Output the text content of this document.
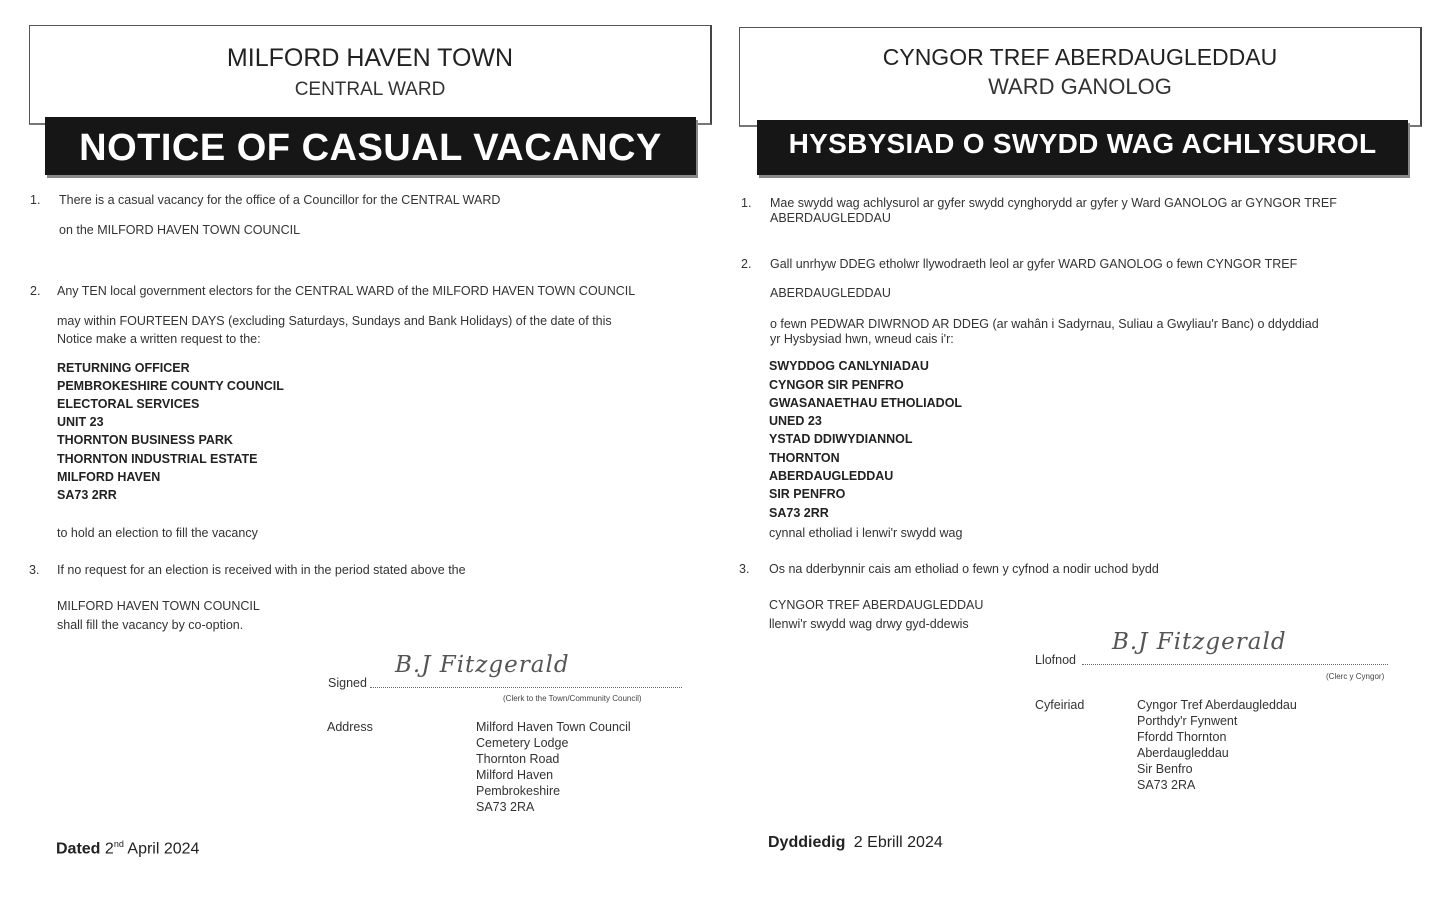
MILFORD HAVEN TOWN
CENTRAL WARD
NOTICE OF CASUAL VACANCY
1. There is a casual vacancy for the office of a Councillor for the CENTRAL WARD
on the MILFORD HAVEN TOWN COUNCIL
2. Any TEN local government electors for the CENTRAL WARD of the MILFORD HAVEN TOWN COUNCIL
may within FOURTEEN DAYS (excluding Saturdays, Sundays and Bank Holidays) of the date of this
Notice make a written request to the:
RETURNING OFFICER
PEMBROKESHIRE COUNTY COUNCIL
ELECTORAL SERVICES
UNIT 23
THORNTON BUSINESS PARK
THORNTON INDUSTRIAL ESTATE
MILFORD HAVEN
SA73 2RR
to hold an election to fill the vacancy
3. If no request for an election is received with in the period stated above the
MILFORD HAVEN TOWN COUNCIL
shall fill the vacancy by co-option.
Signed
B.J Fitzgerald
(Clerk to the Town/Community Council)
Address	Milford Haven Town Council
Cemetery Lodge
Thornton Road
Milford Haven
Pembrokeshire
SA73 2RA
Dated 2nd April 2024
CYNGOR TREF ABERDAUGLEDDAU
WARD GANOLOG
HYSBYSIAD O SWYDD WAG ACHLYSUROL
1. Mae swydd wag achlysurol ar gyfer swydd cynghorydd ar gyfer y Ward GANOLOG ar GYNGOR TREF
ABERDAUGLEDDAU
2. Gall unrhyw DDEG etholwr llywodraeth leol ar gyfer WARD GANOLOG o fewn CYNGOR TREF
ABERDAUGLEDDAU
o fewn PEDWAR DIWRNOD AR DDEG (ar wahân i Sadyrnau, Suliau a Gwyliau'r Banc) o ddyddiad
yr Hysbysiad hwn, wneud cais i'r:
SWYDDOG CANLYNIADAU
CYNGOR SIR PENFRO
GWASANAETHAU ETHOLIADOL
UNED 23
YSTAD DDIWYDIANNOL
THORNTON
ABERDAUGLEDDAU
SIR PENFRO
SA73 2RR
cynnal etholiad i lenwi'r swydd wag
3. Os na dderbynnir cais am etholiad o fewn y cyfnod a nodir uchod bydd
CYNGOR TREF ABERDAUGLEDDAU
llenwi'r swydd wag drwy gyd-ddewis
Llofnod
B.J Fitzgerald
(Clerc y Cyngor)
Cyfeiriad	Cyngor Tref Aberdaugleddau
Porthdy'r Fynwent
Ffordd Thornton
Aberdaugleddau
Sir Benfro
SA73 2RA
Dyddiedig 2 Ebrill 2024
